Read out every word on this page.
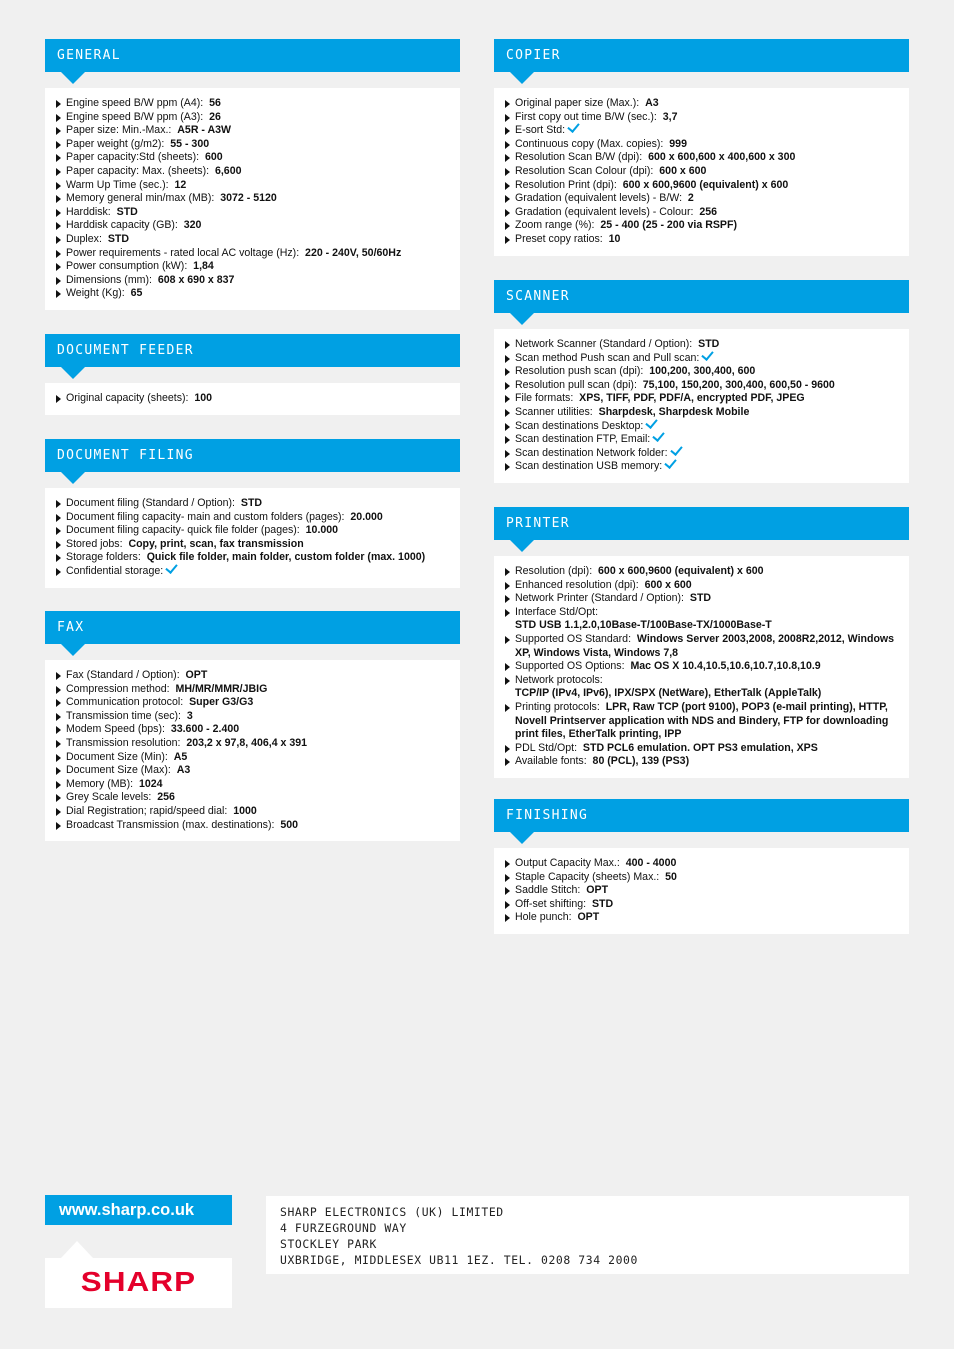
GENERAL
Engine speed B/W ppm (A4): 56
Engine speed B/W ppm (A3): 26
Paper size: Min.-Max.: A5R - A3W
Paper weight (g/m2): 55 - 300
Paper capacity:Std (sheets): 600
Paper capacity: Max. (sheets): 6,600
Warm Up Time (sec.): 12
Memory general min/max (MB): 3072 - 5120
Harddisk: STD
Harddisk capacity (GB): 320
Duplex: STD
Power requirements - rated local AC voltage (Hz): 220 - 240V, 50/60Hz
Power consumption (kW): 1,84
Dimensions (mm): 608 x 690 x 837
Weight (Kg): 65
DOCUMENT FEEDER
Original capacity (sheets): 100
DOCUMENT FILING
Document filing (Standard / Option): STD
Document filing capacity- main and custom folders (pages): 20.000
Document filing capacity- quick file folder (pages): 10.000
Stored jobs: Copy, print, scan, fax transmission
Storage folders: Quick file folder, main folder, custom folder (max. 1000)
Confidential storage:
FAX
Fax (Standard / Option): OPT
Compression method: MH/MR/MMR/JBIG
Communication protocol: Super G3/G3
Transmission time (sec): 3
Modem Speed (bps): 33.600 - 2.400
Transmission resolution: 203,2 x 97,8, 406,4 x 391
Document Size (Min): A5
Document Size (Max): A3
Memory (MB): 1024
Grey Scale levels: 256
Dial Registration; rapid/speed dial: 1000
Broadcast Transmission (max. destinations): 500
COPIER
Original paper size (Max.): A3
First copy out time B/W (sec.): 3,7
E-sort Std:
Continuous copy (Max. copies): 999
Resolution Scan B/W (dpi): 600 x 600,600 x 400,600 x 300
Resolution Scan Colour (dpi): 600 x 600
Resolution Print (dpi): 600 x 600,9600 (equivalent) x 600
Gradation (equivalent levels) - B/W: 2
Gradation (equivalent levels) - Colour: 256
Zoom range (%): 25 - 400 (25 - 200 via RSPF)
Preset copy ratios: 10
SCANNER
Network Scanner (Standard / Option): STD
Scan method Push scan and Pull scan:
Resolution push scan (dpi): 100,200, 300,400, 600
Resolution pull scan (dpi): 75,100, 150,200, 300,400, 600,50 - 9600
File formats: XPS, TIFF, PDF, PDF/A, encrypted PDF, JPEG
Scanner utilities: Sharpdesk, Sharpdesk Mobile
Scan destinations Desktop:
Scan destination FTP, Email:
Scan destination Network folder:
Scan destination USB memory:
PRINTER
Resolution (dpi): 600 x 600,9600 (equivalent) x 600
Enhanced resolution (dpi): 600 x 600
Network Printer (Standard / Option): STD
Interface Std/Opt:
STD USB 1.1,2.0,10Base-T/100Base-TX/1000Base-T
Supported OS Standard: Windows Server 2003,2008, 2008R2,2012, Windows XP, Windows Vista, Windows 7,8
Supported OS Options: Mac OS X 10.4,10.5,10.6,10.7,10.8,10.9
Network protocols:
TCP/IP (IPv4, IPv6), IPX/SPX (NetWare), EtherTalk (AppleTalk)
Printing protocols: LPR, Raw TCP (port 9100), POP3 (e-mail printing), HTTP, Novell Printserver application with NDS and Bindery, FTP for downloading print files, EtherTalk printing, IPP
PDL Std/Opt: STD PCL6 emulation. OPT PS3 emulation, XPS
Available fonts: 80 (PCL), 139 (PS3)
FINISHING
Output Capacity Max.: 400 - 4000
Staple Capacity (sheets) Max.: 50
Saddle Stitch: OPT
Off-set shifting: STD
Hole punch: OPT
www.sharp.co.uk
SHARP
SHARP ELECTRONICS (UK) LIMITED
4 FURZEGROUND WAY
STOCKLEY PARK
UXBRIDGE, MIDDLESEX UB11 1EZ. TEL. 0208 734 2000
